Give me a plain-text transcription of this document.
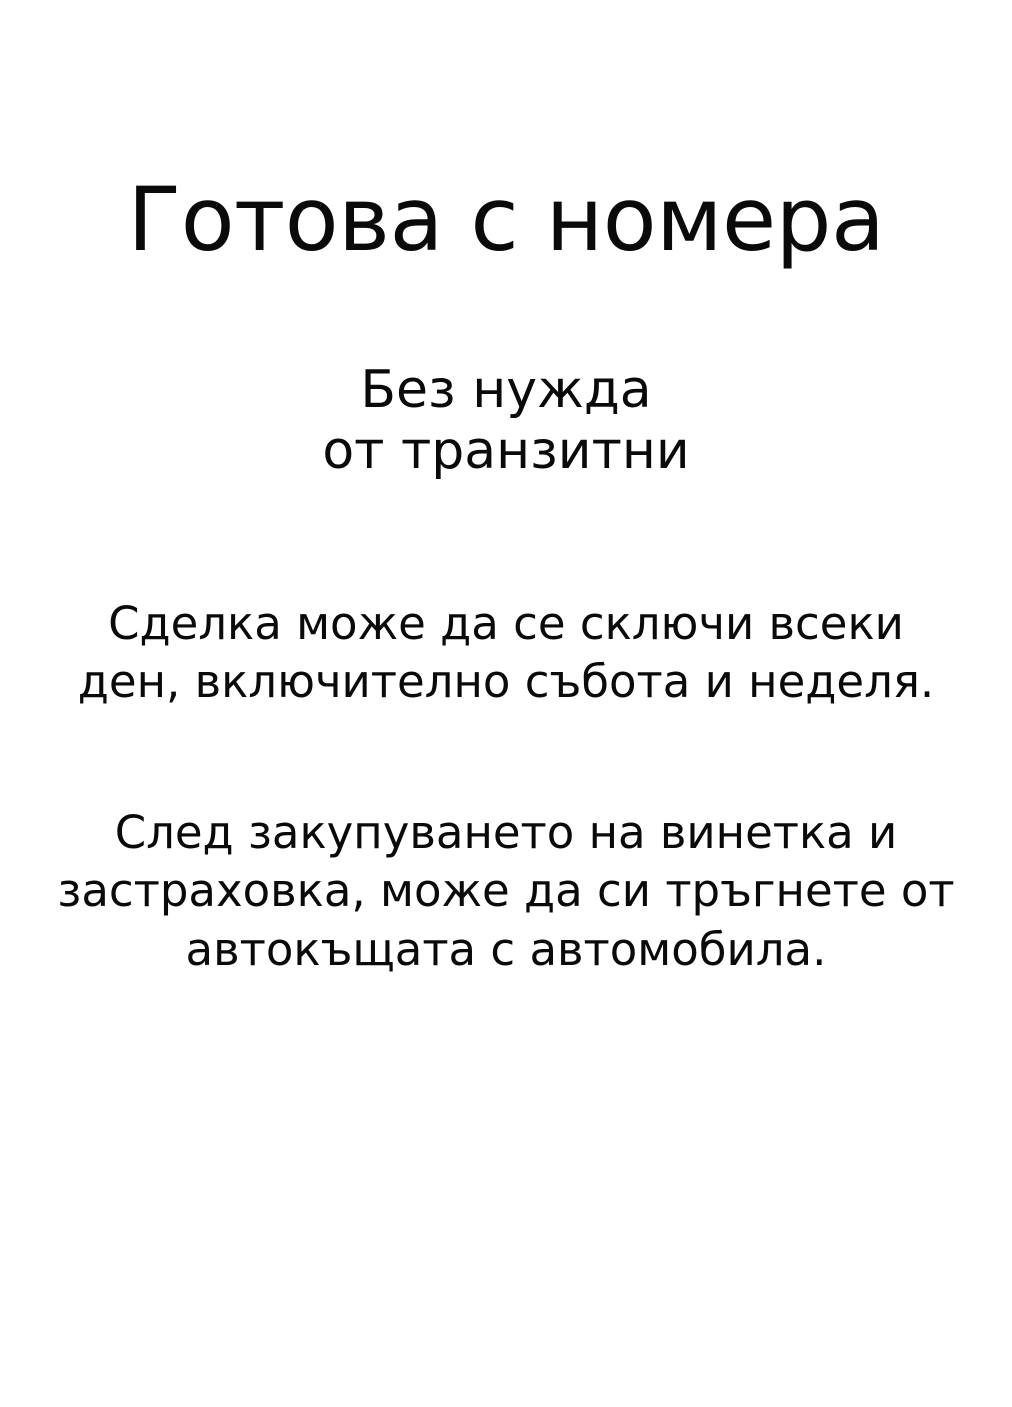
Готова с номера
Без нужда
от транзитни

Сделка може да се сключи всеки
ден, включително събота и неделя.

След закупуването на винетка и
застраховка, може да си тръгнете от
автокъщата с автомобила.
